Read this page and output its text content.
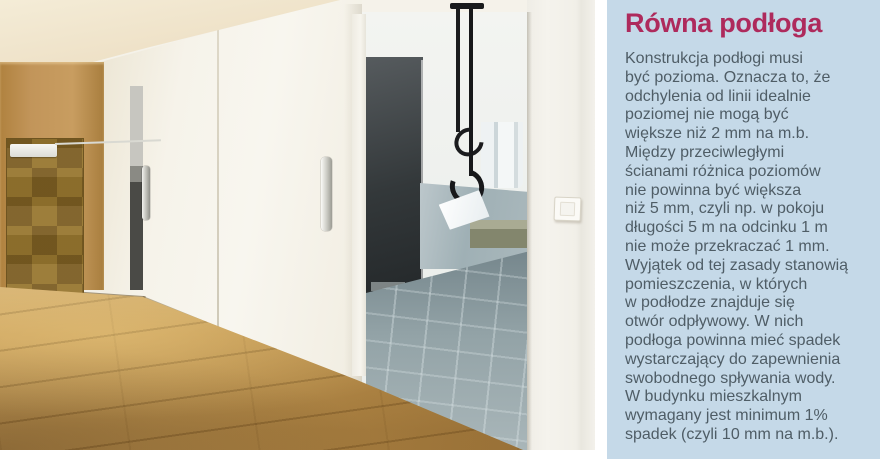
Równa podłoga
Konstrukcja podłogi musi
być pozioma. Oznacza to, że
odchylenia od linii idealnie
poziomej nie mogą być
większe niż 2 mm na m.b.
Między przeciwległymi
ścianami różnica poziomów
nie powinna być większa
niż 5 mm, czyli np. w pokoju
długości 5 m na odcinku 1 m
nie może przekraczać 1 mm.
Wyjątek od tej zasady stanowią
pomieszczenia, w których
w podłodze znajduje się
otwór odpływowy. W nich
podłoga powinna mieć spadek
wystarczający do zapewnienia
swobodnego spływania wody.
W budynku mieszkalnym
wymagany jest minimum 1%
spadek (czyli 10 mm na m.b.).
